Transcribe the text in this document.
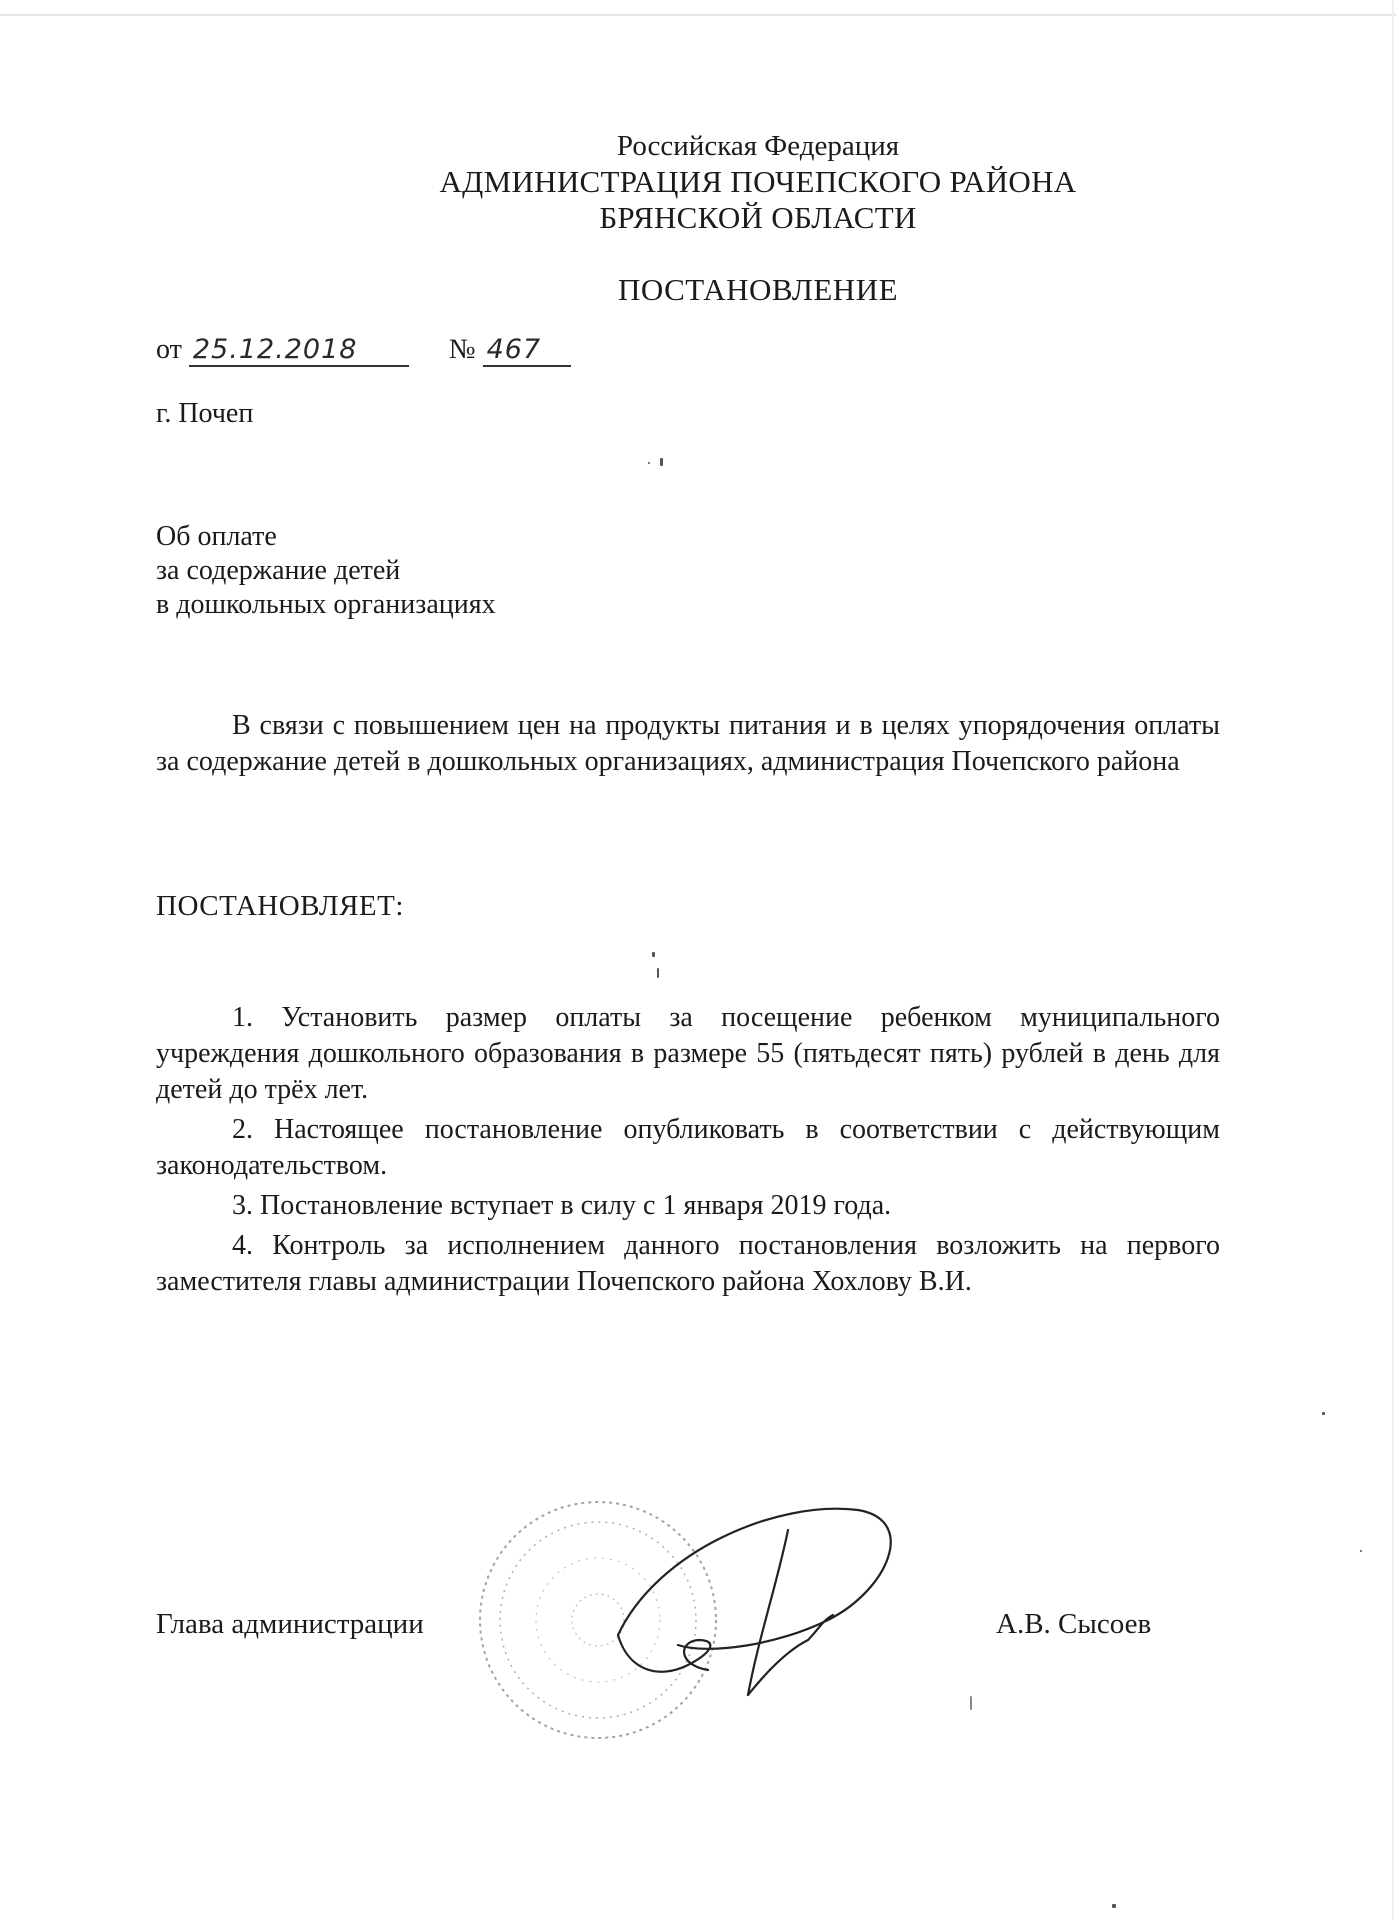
Российская Федерация
АДМИНИСТРАЦИЯ ПОЧЕПСКОГО РАЙОНА
БРЯНСКОЙ ОБЛАСТИ
ПОСТАНОВЛЕНИЕ
от 25.12.2018	№ 467
г. Почеп
Об оплате
за содержание детей
в дошкольных организациях
В связи с повышением цен на продукты питания и в целях упорядочения оплаты за содержание детей в дошкольных организациях, администрация Почепского района
ПОСТАНОВЛЯЕТ:

1. Установить размер оплаты за посещение ребенком муниципального учреждения дошкольного образования в размере 55 (пятьдесят пять) рублей в день для детей до трёх лет.

2. Настоящее постановление опубликовать в соответствии с действующим законодательством.

3. Постановление вступает в силу с 1 января 2019 года.

4. Контроль за исполнением данного постановления возложить на первого заместителя главы администрации Почепского района Хохлову В.И.

Глава администрации	А.В. Сысоев
